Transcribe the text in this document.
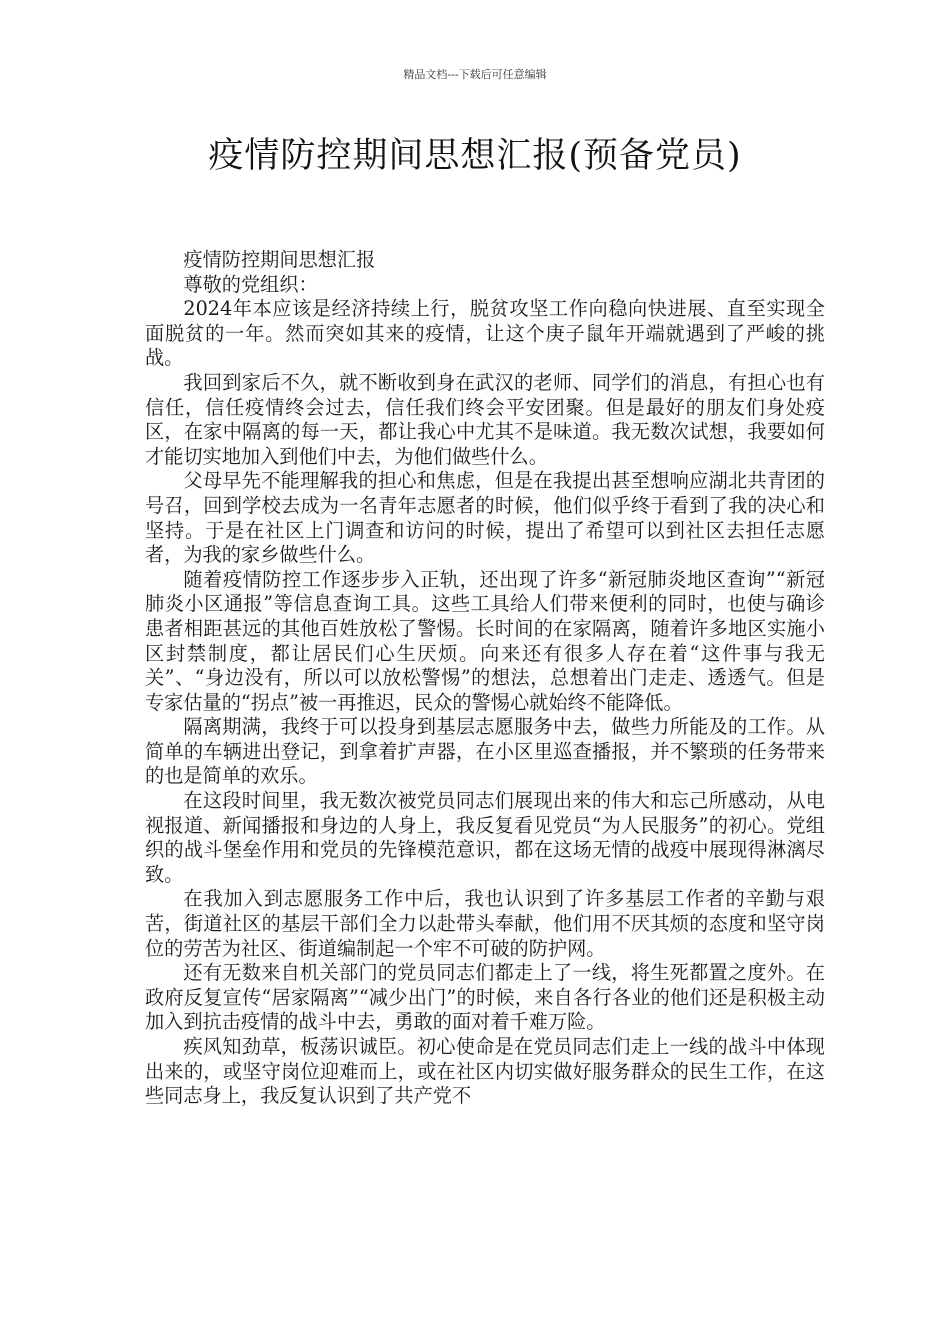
精品文档---下载后可任意编辑
疫情防控期间思想汇报(预备党员)

疫情防控期间思想汇报

尊敬的党组织：

2024年本应该是经济持续上行，脱贫攻坚工作向稳向快进展、直至实现全面脱贫的一年。然而突如其来的疫情，让这个庚子鼠年开端就遇到了严峻的挑战。

我回到家后不久，就不断收到身在武汉的老师、同学们的消息，有担心也有信任，信任疫情终会过去，信任我们终会平安团聚。但是最好的朋友们身处疫区，在家中隔离的每一天，都让我心中尤其不是味道。我无数次试想，我要如何才能切实地加入到他们中去，为他们做些什么。

父母早先不能理解我的担心和焦虑，但是在我提出甚至想响应湖北共青团的号召，回到学校去成为一名青年志愿者的时候，他们似乎终于看到了我的决心和坚持。于是在社区上门调查和访问的时候，提出了希望可以到社区去担任志愿者，为我的家乡做些什么。

随着疫情防控工作逐步步入正轨，还出现了许多“新冠肺炎地区查询”“新冠肺炎小区通报”等信息查询工具。这些工具给人们带来便利的同时，也使与确诊患者相距甚远的其他百姓放松了警惕。长时间的在家隔离，随着许多地区实施小区封禁制度，都让居民们心生厌烦。向来还有很多人存在着“这件事与我无关”、“身边没有，所以可以放松警惕”的想法，总想着出门走走、透透气。但是专家估量的“拐点”被一再推迟，民众的警惕心就始终不能降低。

隔离期满，我终于可以投身到基层志愿服务中去，做些力所能及的工作。从简单的车辆进出登记，到拿着扩声器，在小区里巡查播报，并不繁琐的任务带来的也是简单的欢乐。

在这段时间里，我无数次被党员同志们展现出来的伟大和忘己所感动，从电视报道、新闻播报和身边的人身上，我反复看见党员“为人民服务”的初心。党组织的战斗堡垒作用和党员的先锋模范意识，都在这场无情的战疫中展现得淋漓尽致。

在我加入到志愿服务工作中后，我也认识到了许多基层工作者的辛勤与艰苦，街道社区的基层干部们全力以赴带头奉献，他们用不厌其烦的态度和坚守岗位的劳苦为社区、街道编制起一个牢不可破的防护网。

还有无数来自机关部门的党员同志们都走上了一线，将生死都置之度外。在政府反复宣传“居家隔离”“减少出门”的时候，来自各行各业的他们还是积极主动加入到抗击疫情的战斗中去，勇敢的面对着千难万险。

疾风知劲草，板荡识诚臣。初心使命是在党员同志们走上一线的战斗中体现出来的，或坚守岗位迎难而上，或在社区内切实做好服务群众的民生工作，在这些同志身上，我反复认识到了共产党不
